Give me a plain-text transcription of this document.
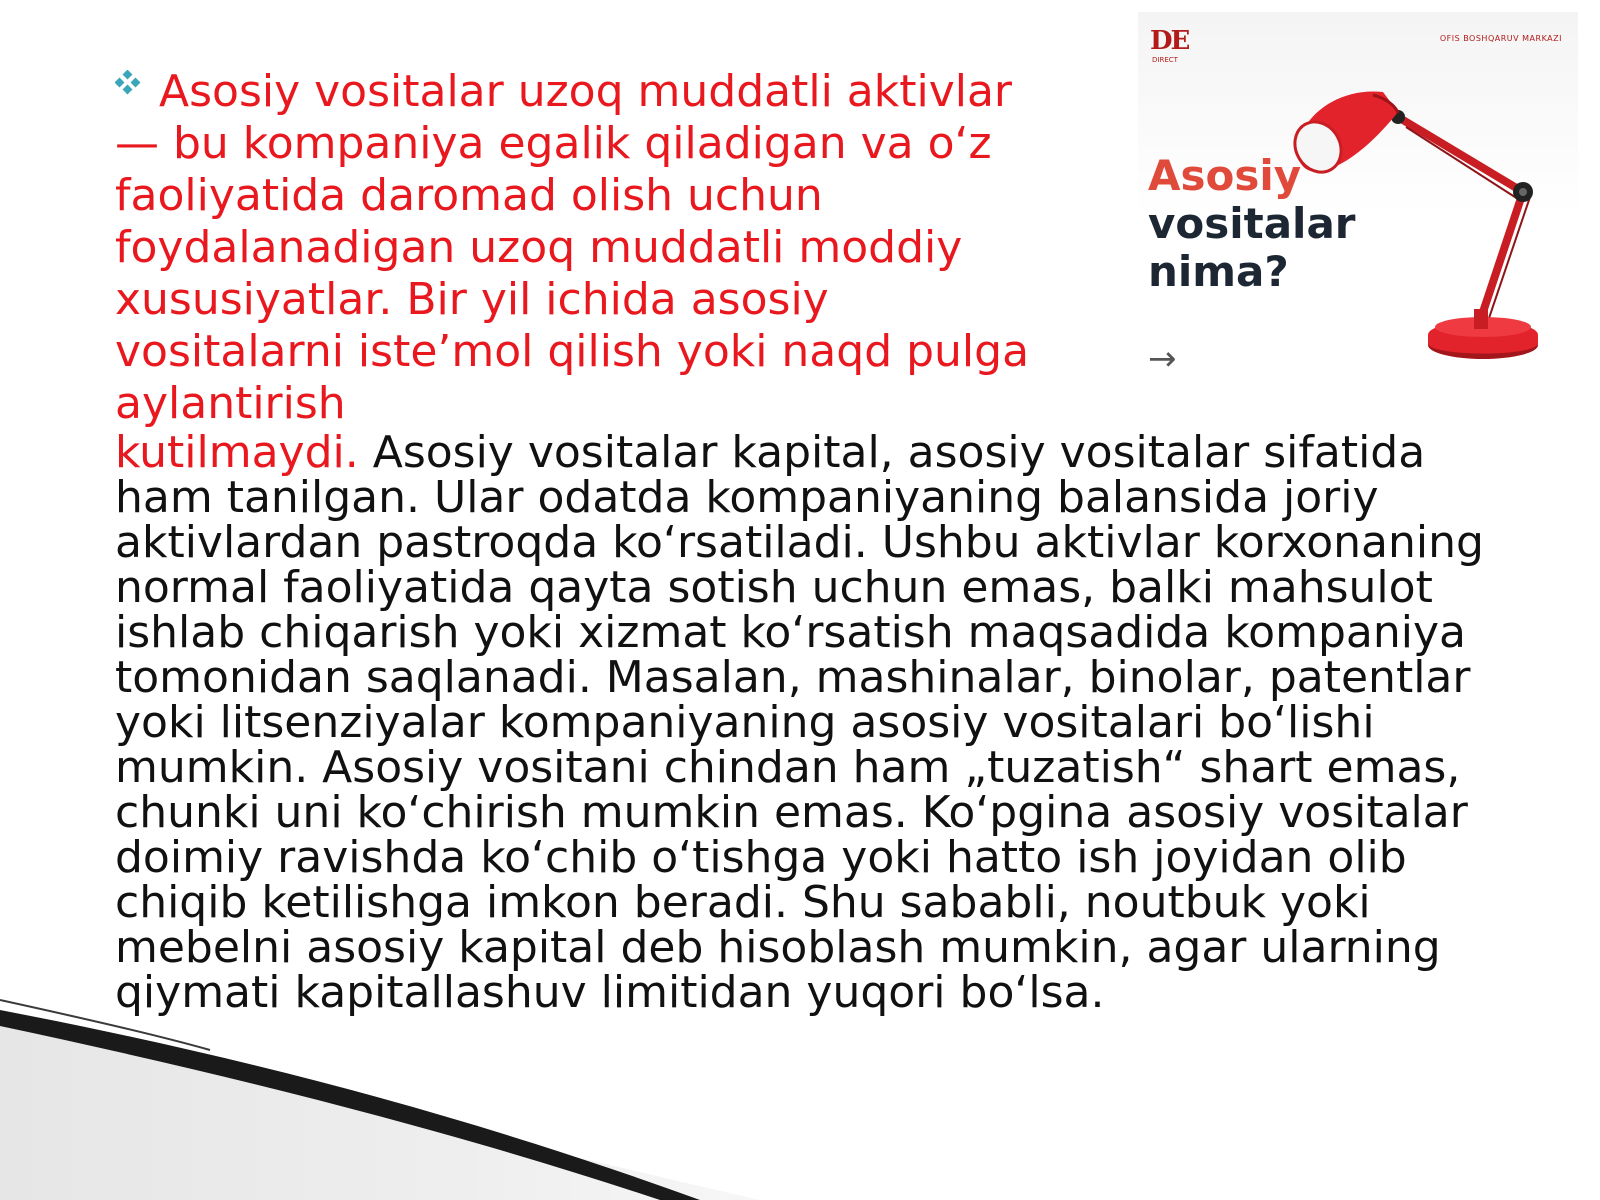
DE
DIRECT
OFIS BOSHQARUV MARKAZI
Asosiy
vositalar
nima?
→
Asosiy vositalar uzoq muddatli aktivlar — bu kompaniya egalik qiladigan va o‘z faoliyatida daromad olish uchun foydalanadigan uzoq muddatli moddiy xususiyatlar. Bir yil ichida asosiy vositalarni iste’mol qilish yoki naqd pulga aylantirish
kutilmaydi. Asosiy vositalar kapital, asosiy vositalar sifatida ham tanilgan. Ular odatda kompaniyaning balansida joriy aktivlardan pastroqda ko‘rsatiladi. Ushbu aktivlar korxonaning normal faoliyatida qayta sotish uchun emas, balki mahsulot ishlab chiqarish yoki xizmat ko‘rsatish maqsadida kompaniya tomonidan saqlanadi. Masalan, mashinalar, binolar, patentlar yoki litsenziyalar kompaniyaning asosiy vositalari bo‘lishi mumkin. Asosiy vositani chindan ham „tuzatish“ shart emas, chunki uni ko‘chirish mumkin emas. Ko‘pgina asosiy vositalar doimiy ravishda ko‘chib o‘tishga yoki hatto ish joyidan olib chiqib ketilishga imkon beradi. Shu sababli, noutbuk yoki mebelni asosiy kapital deb hisoblash mumkin, agar ularning qiymati kapitallashuv limitidan yuqori bo‘lsa.
